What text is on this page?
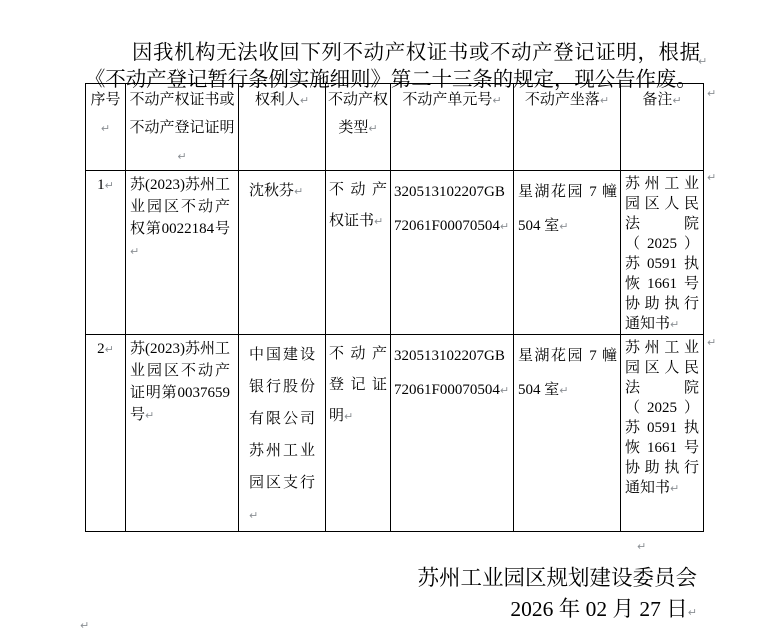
因我机构无法收回下列不动产权证书或不动产登记证明，根据《不动产登记暂行条例实施细则》第二十三条的规定，现公告作废。

↵
序号↵	不动产权证书或不动产登记证明↵	权利人↵	不动产权类型↵	不动产单元号↵	不动产坐落↵	备注↵
1↵	苏(2023)苏州工业园区不动产权第0022184号↵	沈秋芬↵	不动产权证书↵	320513102207GB72061F00070504↵	星湖花园 7 幢 504 室↵	苏州工业园区人民法院（2025）苏0591执恢1661号协助执行通知书↵
2↵	苏(2023)苏州工业园区不动产证明第0037659号↵	中国建设银行股份有限公司苏州工业园区支行↵	不动产登记证明↵	320513102207GB72061F00070504↵	星湖花园 7 幢 504 室↵	苏州工业园区人民法院（2025）苏0591执恢1661号协助执行通知书↵
↵
↵
↵
↵
苏州工业园区规划建设委员会
2026 年 02 月 27 日↵
↵
